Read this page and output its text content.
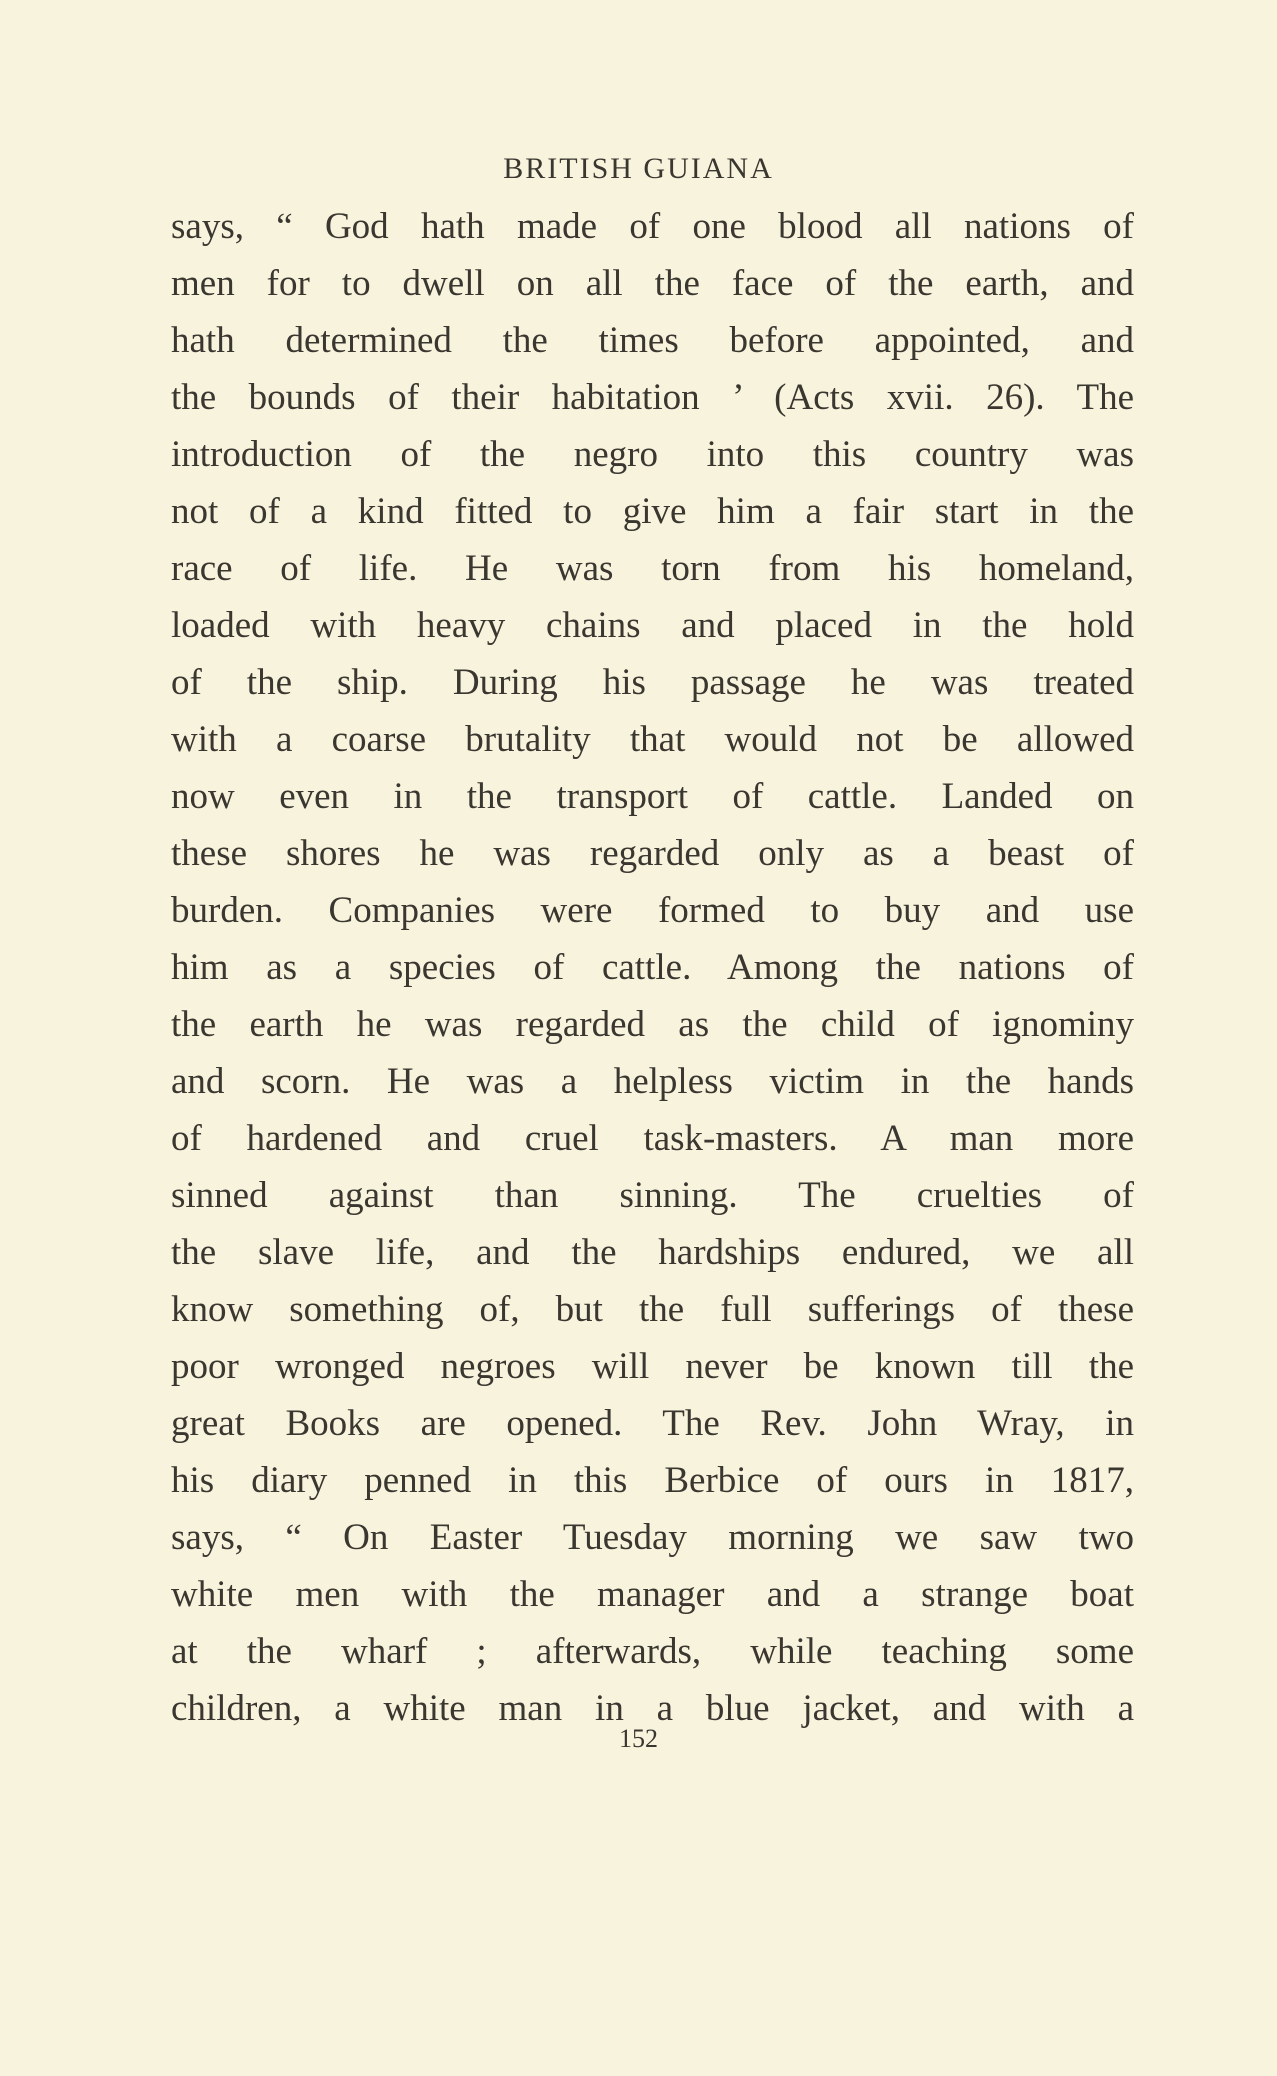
BRITISH GUIANA
says, “ God hath made of one blood all nations of
men for to dwell on all the face of the earth, and
hath determined the times before appointed, and
the bounds of their habitation ’ (Acts xvii. 26). The
introduction of the negro into this country was
not of a kind fitted to give him a fair start in the
race of life. He was torn from his homeland,
loaded with heavy chains and placed in the hold
of the ship. During his passage he was treated
with a coarse brutality that would not be allowed
now even in the transport of cattle. Landed on
these shores he was regarded only as a beast of
burden. Companies were formed to buy and use
him as a species of cattle. Among the nations of
the earth he was regarded as the child of ignominy
and scorn. He was a helpless victim in the hands
of hardened and cruel task-masters. A man more
sinned against than sinning. The cruelties of
the slave life, and the hardships endured, we all
know something of, but the full sufferings of these
poor wronged negroes will never be known till the
great Books are opened. The Rev. John Wray, in
his diary penned in this Berbice of ours in 1817,
says, “ On Easter Tuesday morning we saw two
white men with the manager and a strange boat
at the wharf ; afterwards, while teaching some
children, a white man in a blue jacket, and with a
152
